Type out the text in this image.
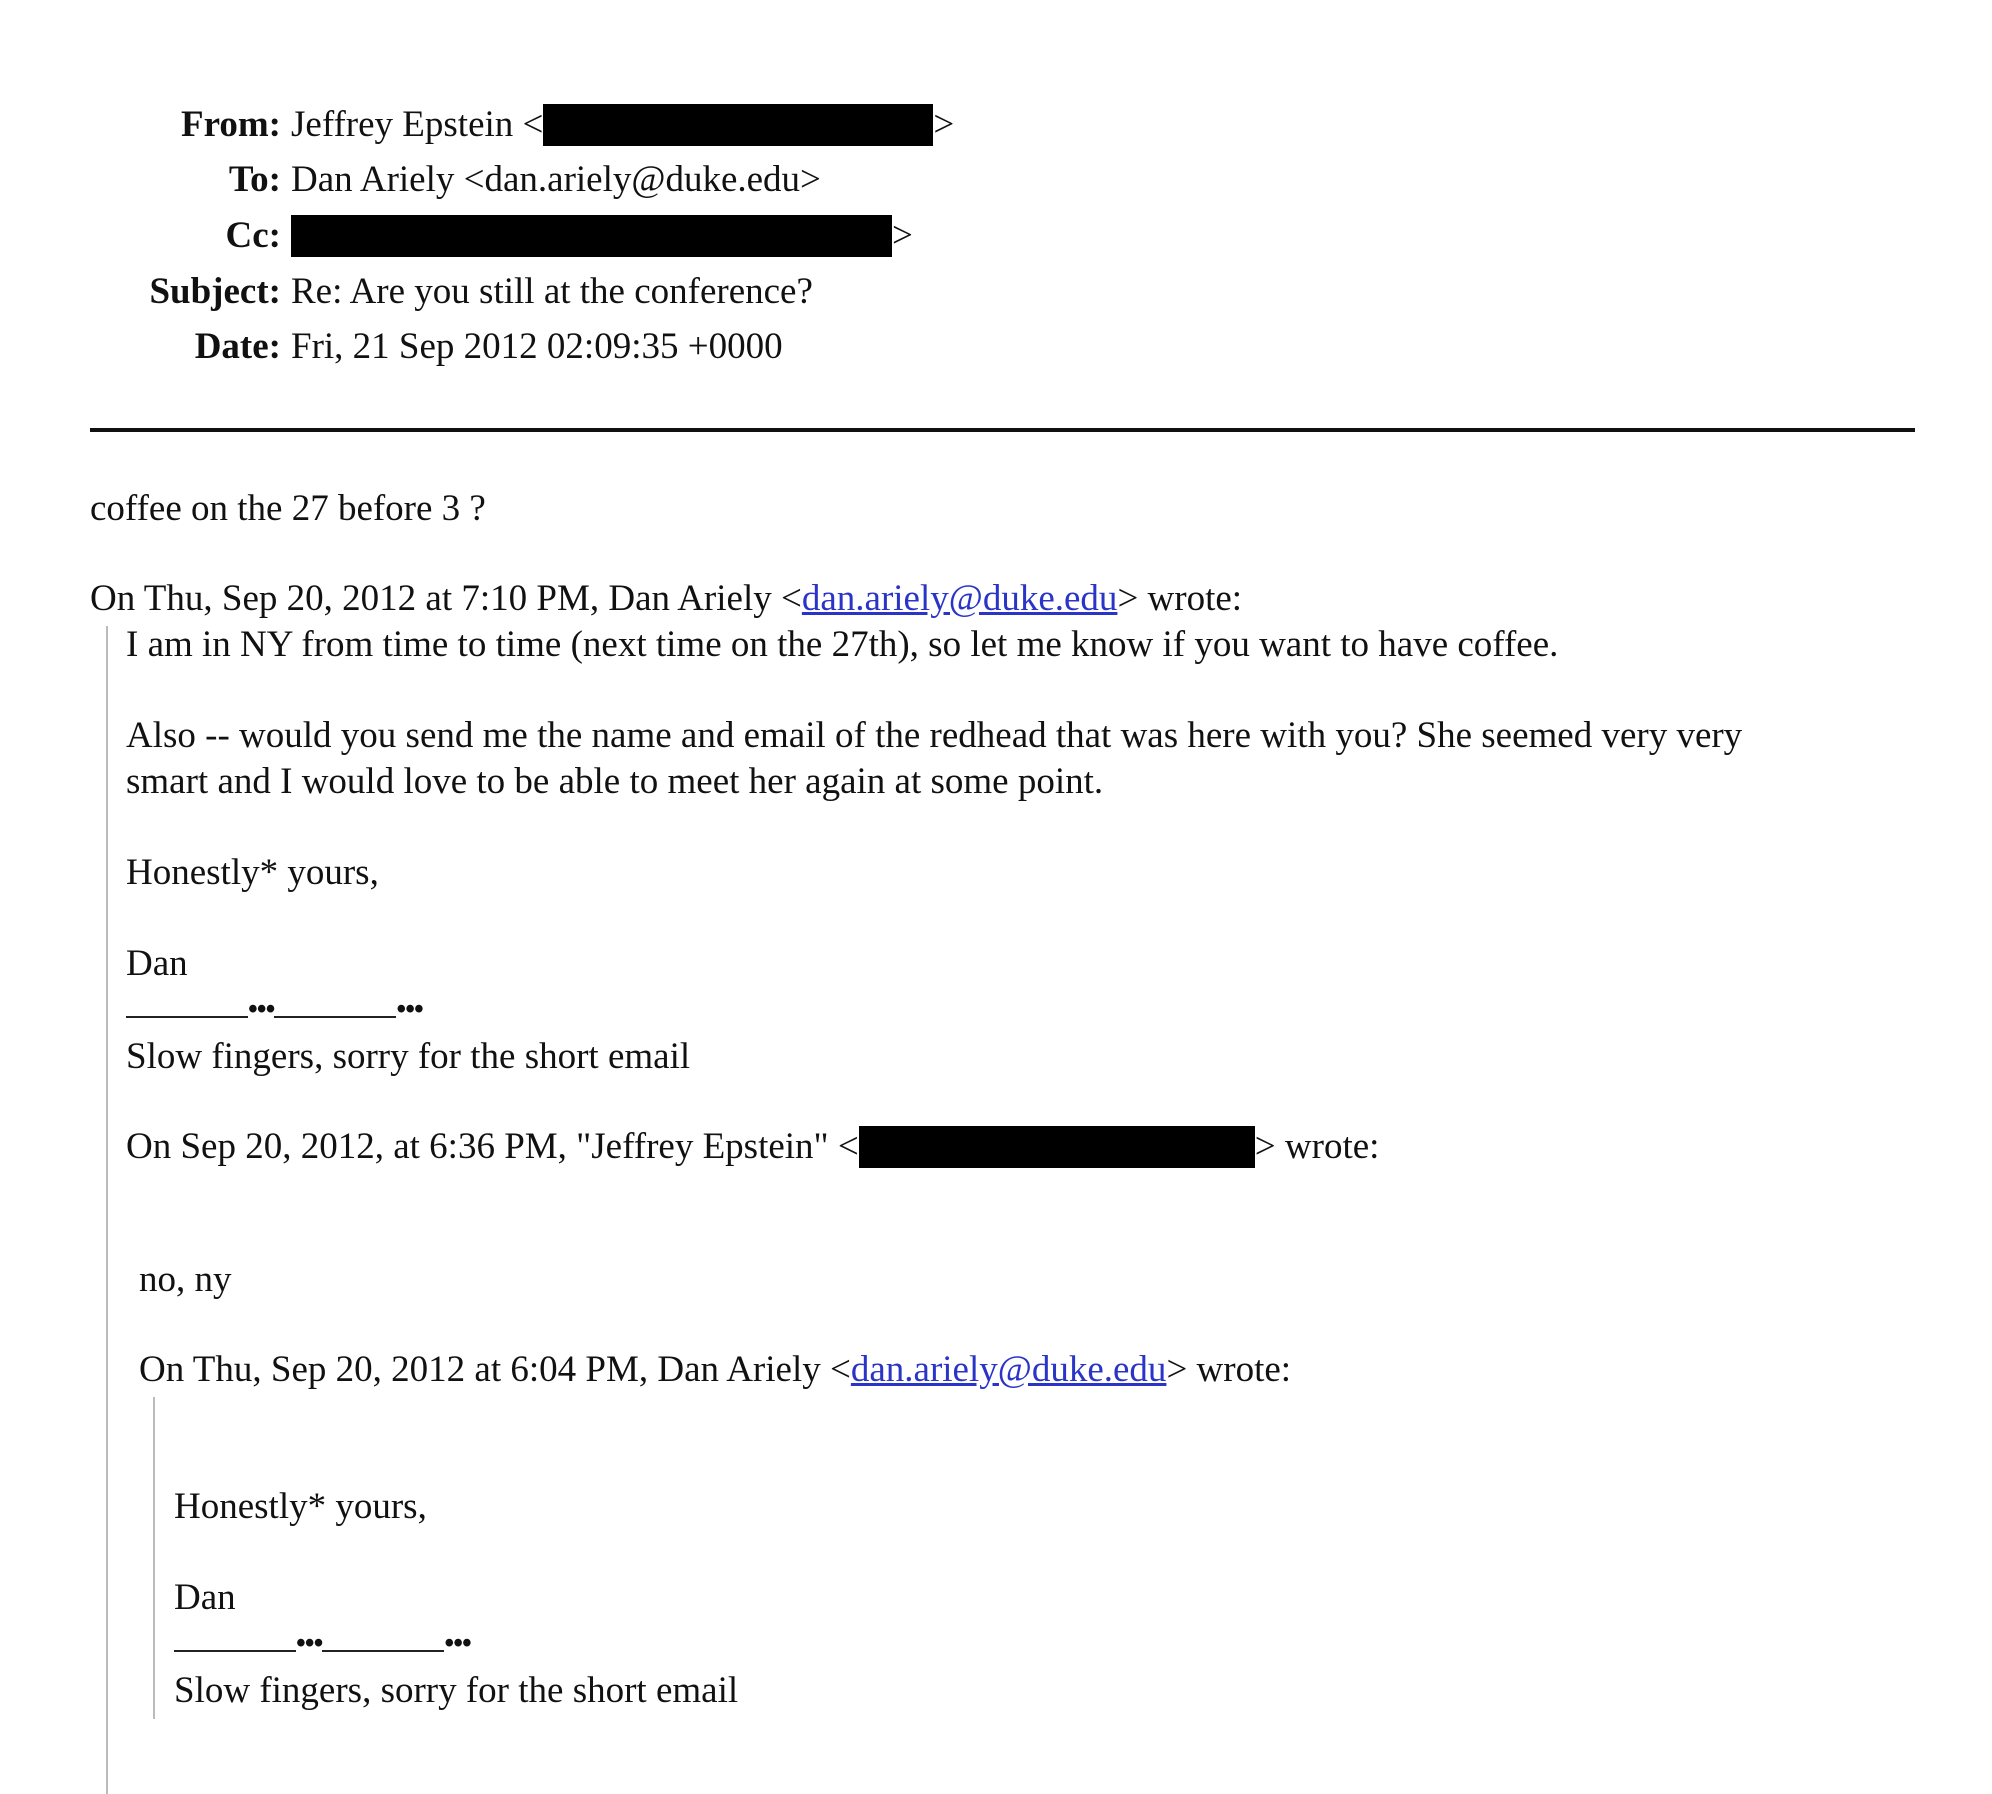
From: Jeffrey Epstein <	>
To: Dan Ariely <dan.ariely@duke.edu>
Cc:	>
Subject: Re: Are you still at the conference?
Date: Fri, 21 Sep 2012 02:09:35 +0000
coffee on the 27 before 3 ?
On Thu, Sep 20, 2012 at 7:10 PM, Dan Ariely <dan.ariely@duke.edu> wrote:
I am in NY from time to time (next time on the 27th), so let me know if you want to have coffee.
Also -- would you send me the name and email of the redhead that was here with you? She seemed very very
smart and I would love to be able to meet her again at some point.
Honestly* yours,
Dan
•••	•••
Slow fingers, sorry for the short email
On Sep 20, 2012, at 6:36 PM, "Jeffrey Epstein" <	> wrote:
no, ny
On Thu, Sep 20, 2012 at 6:04 PM, Dan Ariely <dan.ariely@duke.edu> wrote:
Honestly* yours,
Dan
•••	•••
Slow fingers, sorry for the short email
